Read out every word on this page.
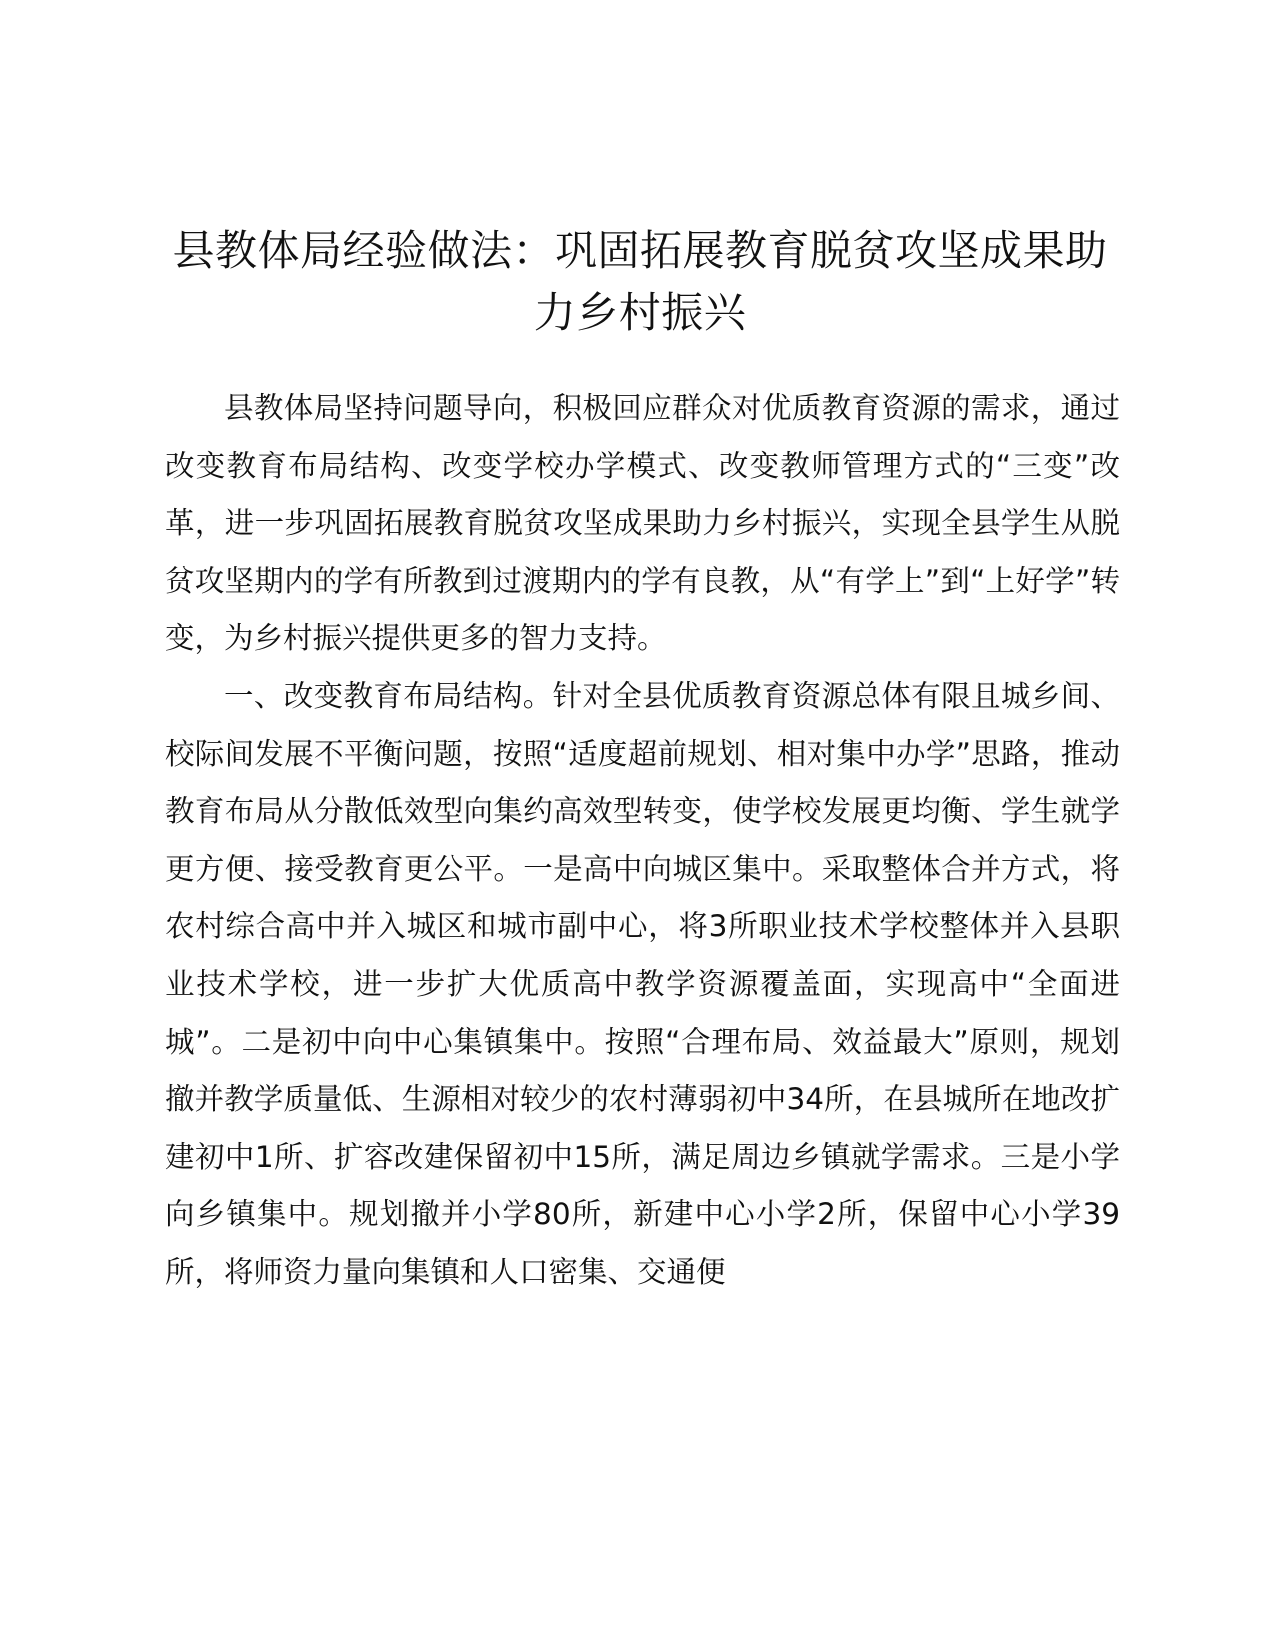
县教体局经验做法：巩固拓展教育脱贫攻坚成果助力乡村振兴

县教体局坚持问题导向，积极回应群众对优质教育资源的需求，通过改变教育布局结构、改变学校办学模式、改变教师管理方式的“三变”改革，进一步巩固拓展教育脱贫攻坚成果助力乡村振兴，实现全县学生从脱贫攻坚期内的学有所教到过渡期内的学有良教，从“有学上”到“上好学”转变，为乡村振兴提供更多的智力支持。

一、改变教育布局结构。针对全县优质教育资源总体有限且城乡间、校际间发展不平衡问题，按照“适度超前规划、相对集中办学”思路，推动教育布局从分散低效型向集约高效型转变，使学校发展更均衡、学生就学更方便、接受教育更公平。一是高中向城区集中。采取整体合并方式，将农村综合高中并入城区和城市副中心，将3所职业技术学校整体并入县职业技术学校，进一步扩大优质高中教学资源覆盖面，实现高中“全面进城”。二是初中向中心集镇集中。按照“合理布局、效益最大”原则，规划撤并教学质量低、生源相对较少的农村薄弱初中34所，在县城所在地改扩建初中1所、扩容改建保留初中15所，满足周边乡镇就学需求。三是小学向乡镇集中。规划撤并小学80所，新建中心小学2所，保留中心小学39所，将师资力量向集镇和人口密集、交通便
